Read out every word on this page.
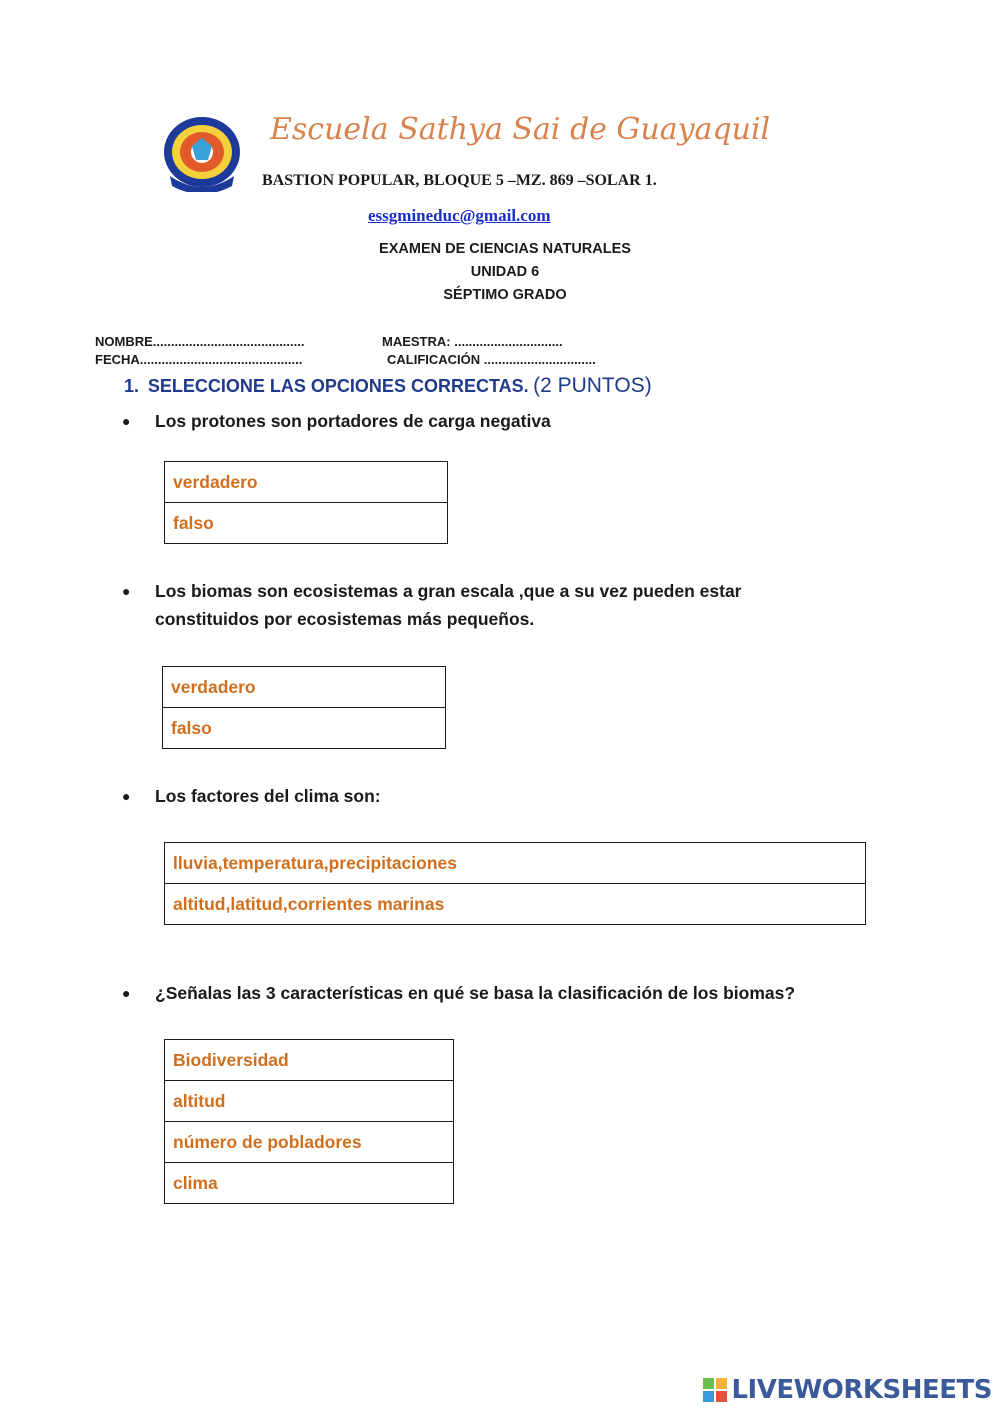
Escuela Sathya Sai de Guayaquil
BASTION POPULAR, BLOQUE 5 –MZ. 869 –SOLAR 1.
essgmineduc@gmail.com
EXAMEN DE CIENCIAS NATURALES
UNIDAD 6
SÉPTIMO GRADO
NOMBRE..........................................	MAESTRA: ..............................
FECHA.............................................	CALIFICACIÓN ...............................
1. SELECCIONE LAS OPCIONES CORRECTAS. (2 PUNTOS)
● Los protones son portadores de carga negativa
verdadero
falso
● Los biomas son ecosistemas a gran escala ,que a su vez pueden estar
constituidos por ecosistemas más pequeños.
verdadero
falso
● Los factores del clima son:
lluvia,temperatura,precipitaciones
altitud,latitud,corrientes marinas
● ¿Señalas las 3 características en qué se basa la clasificación de los biomas?
Biodiversidad
altitud
número de pobladores
clima
LIVEWORKSHEETS
